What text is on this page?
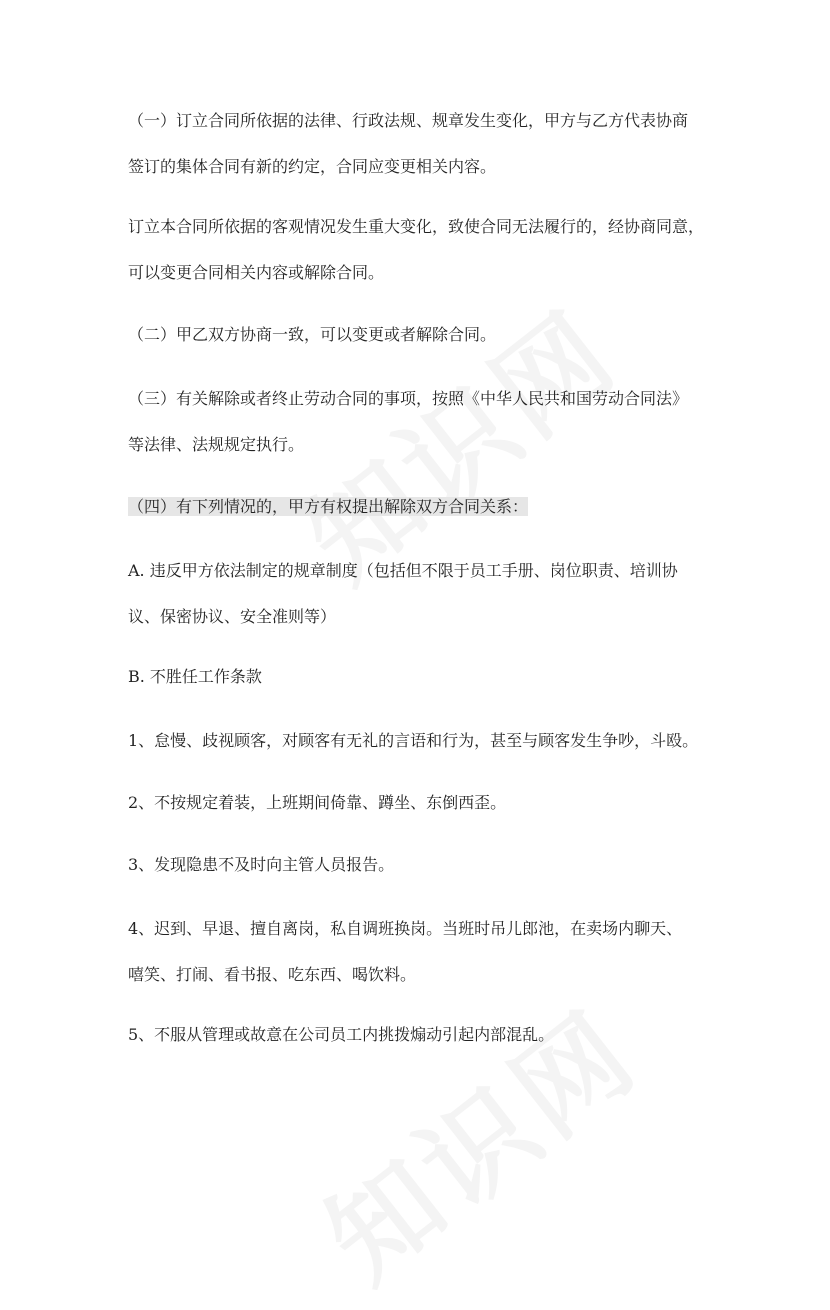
（一）订立合同所依据的法律、行政法规、规章发生变化，甲方与乙方代表协商
签订的集体合同有新的约定，合同应变更相关内容。

订立本合同所依据的客观情况发生重大变化，致使合同无法履行的，经协商同意，
可以变更合同相关内容或解除合同。

（二）甲乙双方协商一致，可以变更或者解除合同。

（三）有关解除或者终止劳动合同的事项，按照《中华人民共和国劳动合同法》
等法律、法规规定执行。

（四）有下列情况的，甲方有权提出解除双方合同关系：

A. 违反甲方依法制定的规章制度（包括但不限于员工手册、岗位职责、培训协
议、保密协议、安全准则等）

B. 不胜任工作条款

1、怠慢、歧视顾客，对顾客有无礼的言语和行为，甚至与顾客发生争吵，斗殴。

2、不按规定着装，上班期间倚靠、蹲坐、东倒西歪。

3、发现隐患不及时向主管人员报告。

4、迟到、早退、擅自离岗，私自调班换岗。当班时吊儿郎池，在卖场内聊天、
嘻笑、打闹、看书报、吃东西、喝饮料。

5、不服从管理或故意在公司员工内挑拨煽动引起内部混乱。
